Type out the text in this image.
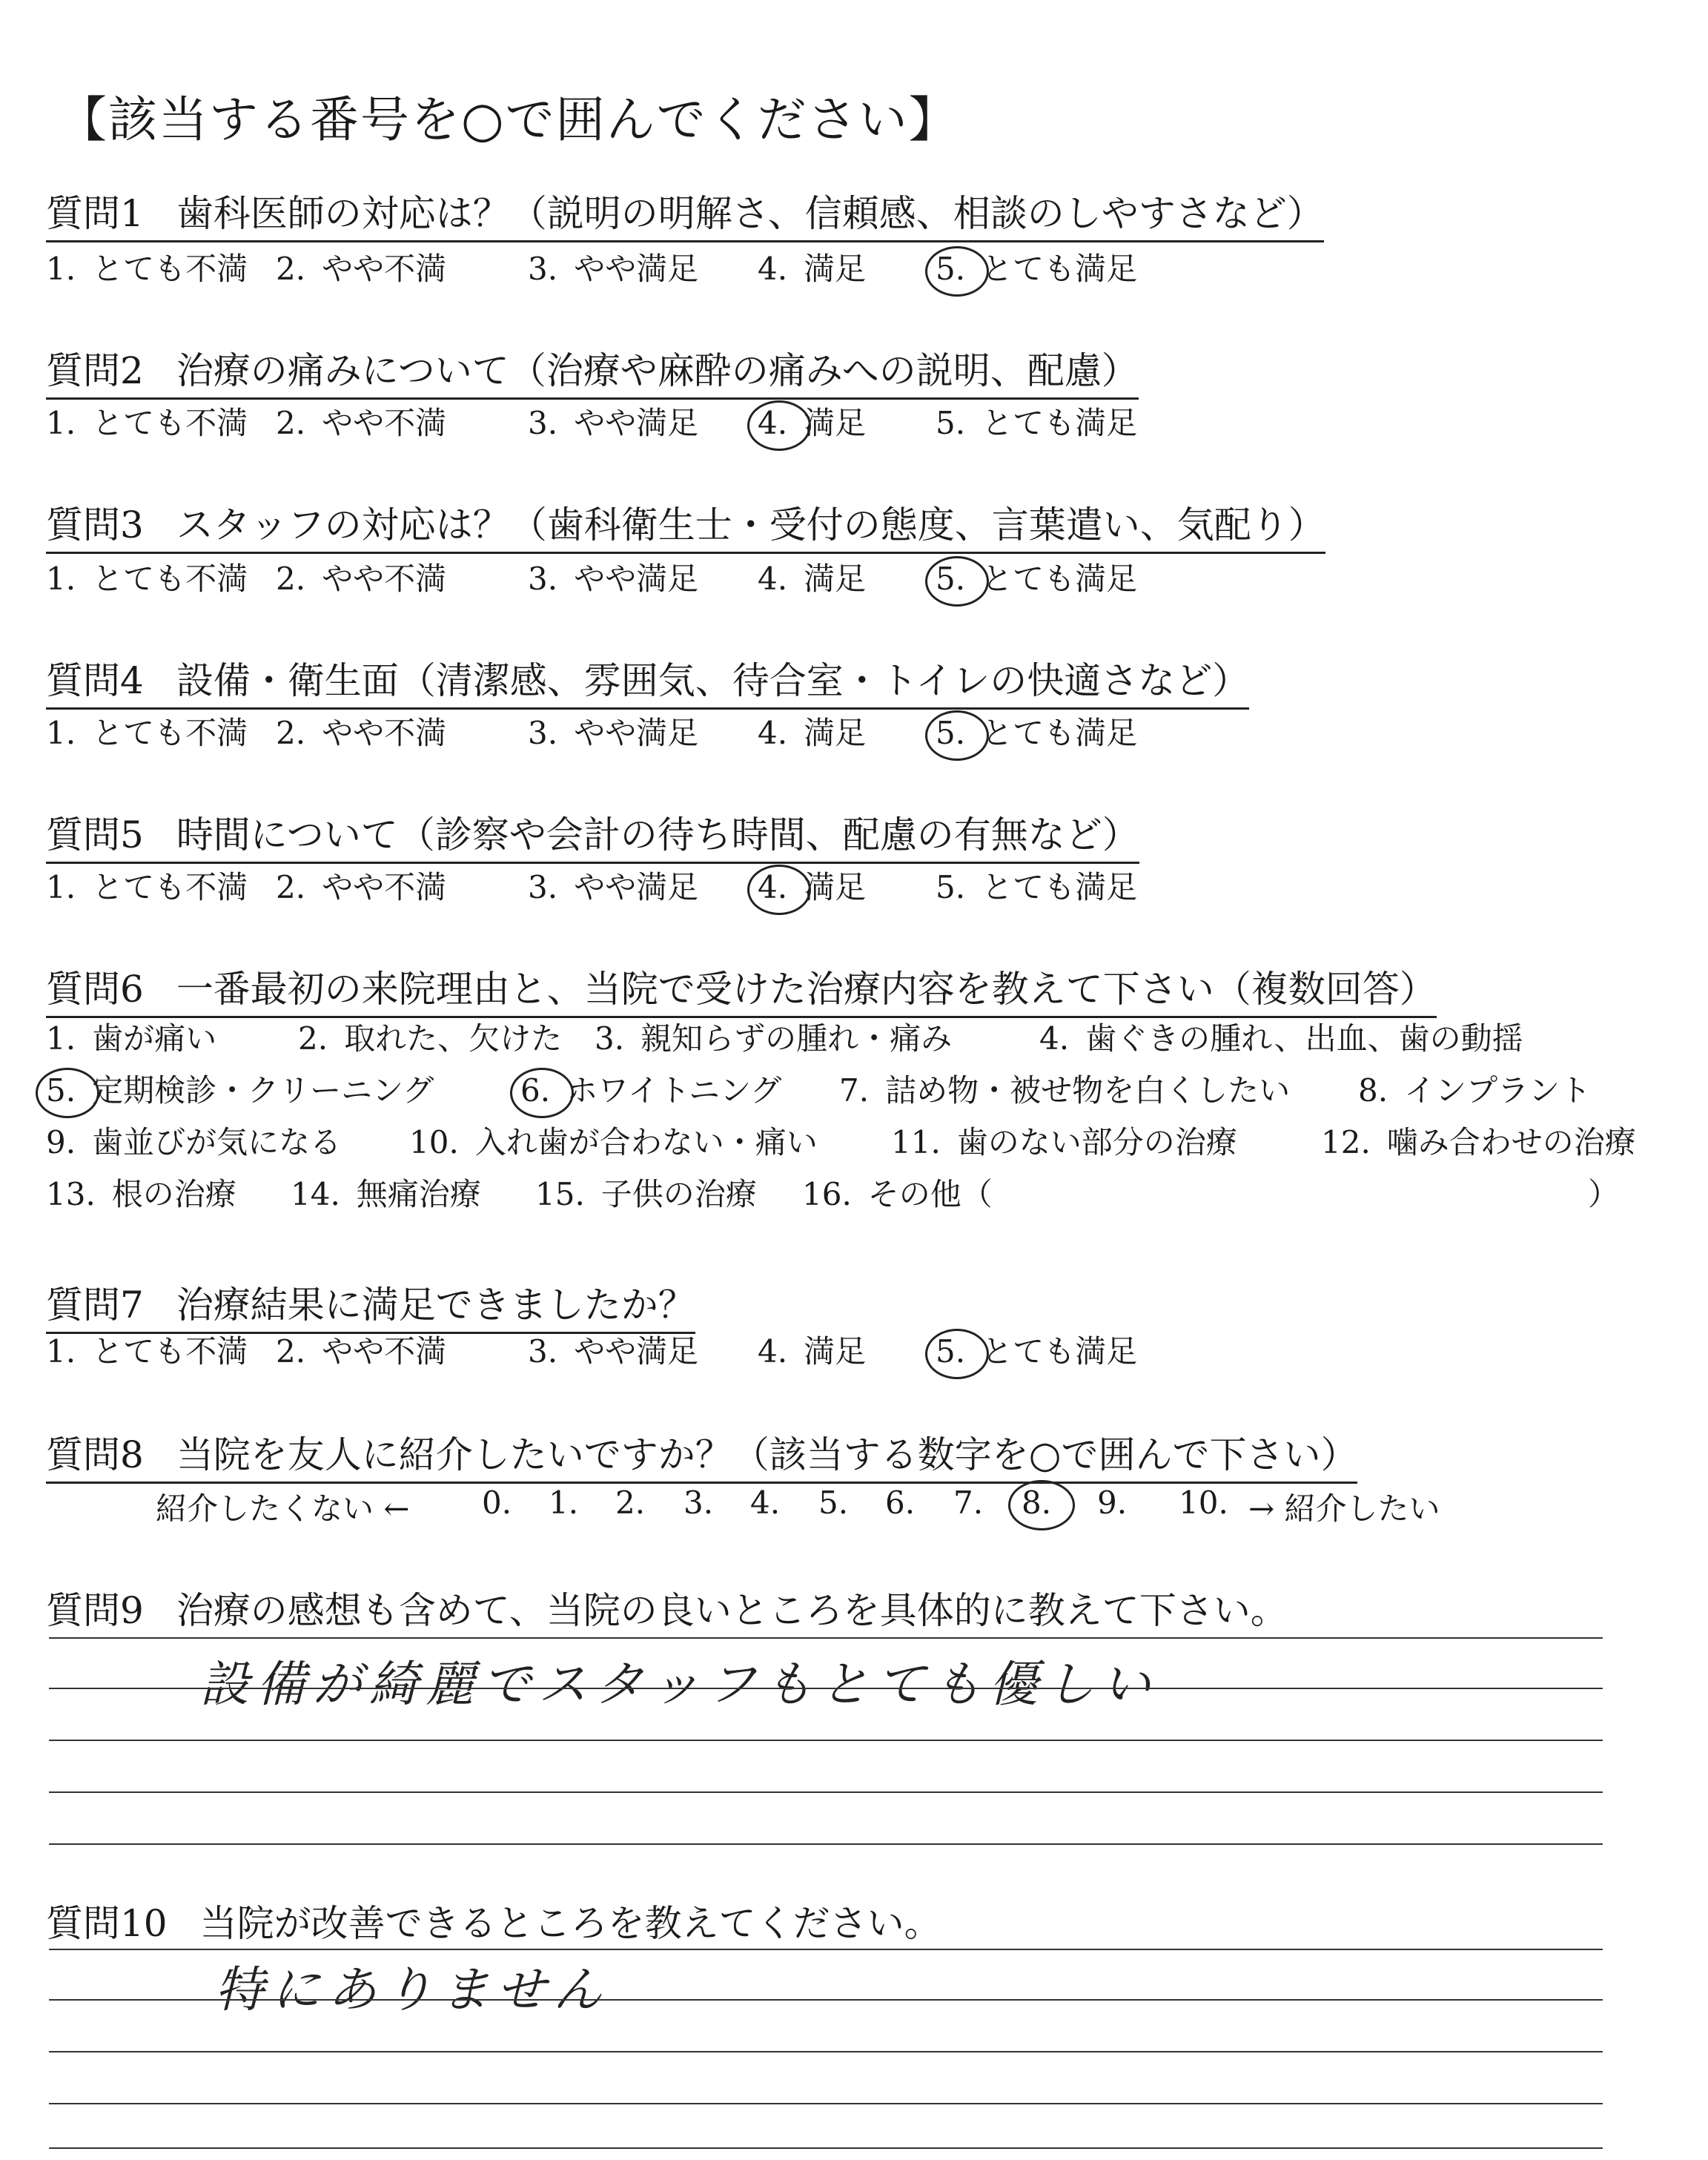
【該当する番号を○で囲んでください】
質問1 歯科医師の対応は？（説明の明解さ、信頼感、相談のしやすさなど）
1. とても不満 2. やや不満	3. やや満足 4. 満足 5. とても満足
質問2 治療の痛みについて（治療や麻酔の痛みへの説明、配慮）
1. とても不満 2. やや不満	3. やや満足 4. 満足 5. とても満足
質問3 スタッフの対応は？（歯科衛生士・受付の態度、言葉遣い、気配り）
1. とても不満 2. やや不満	3. やや満足 4. 満足 5. とても満足
質問4 設備・衛生面（清潔感、雰囲気、待合室・トイレの快適さなど）
1. とても不満 2. やや不満	3. やや満足 4. 満足 5. とても満足
質問5 時間について（診察や会計の待ち時間、配慮の有無など）
1. とても不満 2. やや不満	3. やや満足 4. 満足 5. とても満足
質問6 一番最初の来院理由と、当院で受けた治療内容を教えて下さい（複数回答）
1. 歯が痛い	2. 取れた、欠けた 3. 親知らずの腫れ・痛み	4. 歯ぐきの腫れ、出血、歯の動揺
5. 定期検診・クリーニング	6. ホワイトニング 7. 詰め物・被せ物を白くしたい 8. インプラント
9. 歯並びが気になる 10. 入れ歯が合わない・痛い 11. 歯のない部分の治療	12. 噛み合わせの治療
13. 根の治療 14. 無痛治療 15. 子供の治療 16. その他（	）
質問7 治療結果に満足できましたか？
1. とても不満 2. やや不満	3. やや満足 4. 満足 5. とても満足
質問8 当院を友人に紹介したいですか？（該当する数字を○で囲んで下さい）
紹介したくない ← 0. 1. 2. 3. 4. 5. 6. 7. 8. 9. 10. → 紹介したい
質問9 治療の感想も含めて、当院の良いところを具体的に教えて下さい。
設備が綺麗でスタッフもとても優しい
質問10 当院が改善できるところを教えてください。
特にありません
